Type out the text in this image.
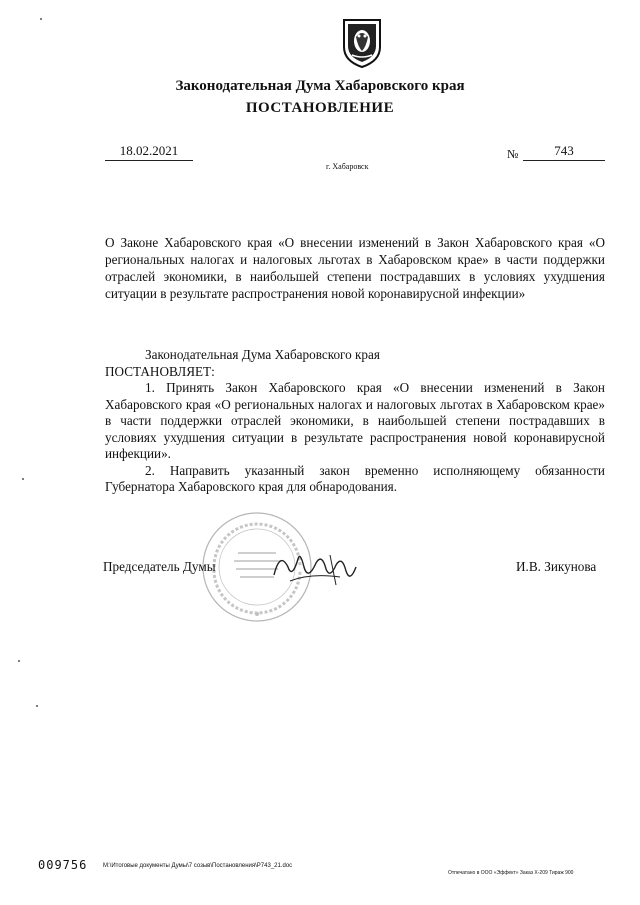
Законодательная Дума Хабаровского края
ПОСТАНОВЛЕНИЕ
18.02.2021	№	743
г. Хабаровск
О Законе Хабаровского края «О внесении изменений в Закон Хабаровского края «О региональных налогах и налоговых льготах в Хабаровском крае» в части поддержки отраслей экономики, в наибольшей степени пострадавших в условиях ухудшения ситуации в результате распространения новой коронавирусной инфекции»

Законодательная Дума Хабаровского края

ПОСТАНОВЛЯЕТ:

1. Принять Закон Хабаровского края «О внесении изменений в Закон Хабаровского края «О региональных налогах и налоговых льготах в Хабаровском крае» в части поддержки отраслей экономики, в наибольшей степени пострадавших в условиях ухудшения ситуации в результате распространения новой коронавирусной инфекции».

2. Направить указанный закон временно исполняющему обязанности Губернатора Хабаровского края для обнародования.

Председатель Думы	И.В. Зикунова
009756	M:\Итоговые документы Думы\7 созыв\Постановления\P743_21.doc
Отпечатано в ООО «Эффект» Заказ Х-209 Тираж 900
